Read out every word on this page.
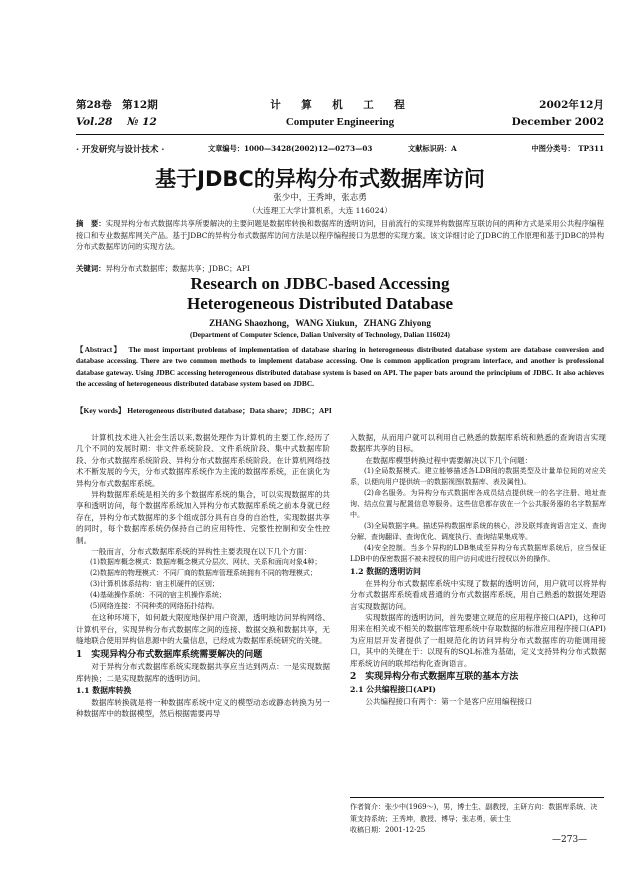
第28卷　第12期	计　算　机　工　程	2002年12月
Vol.28 № 12	Computer Engineering	December 2002
· 开发研究与设计技术 ·	文章编号：1000—3428(2002)12—0273—03	文献标识码：A	中图分类号：　TP311
基于JDBC的异构分布式数据库访问
张少中，王秀坤，张志勇
（大连理工大学计算机系，大连 116024）
摘　要：实现异构分布式数据库共享所要解决的主要问题是数据库转换和数据库的透明访问，目前流行的实现异构数据库互联访问的两种方式是采用公共程序编程接口和专业数据库网关产品。基于JDBC的异构分布式数据库访问方法是以程序编程接口为思想的实现方案。该文详细讨论了JDBC的工作原理和基于JDBC的异构分布式数据库访问的实现方法。
关键词：异构分布式数据库；数据共享；JDBC；API
Research on JDBC-based Accessing
Heterogeneous Distributed Database
ZHANG Shaozhong，WANG Xiukun，ZHANG Zhiyong
(Department of Computer Science, Dalian University of Technology, Dalian 116024)
【Abstract】 The most important problems of implementation of database sharing in heterogeneous distributed database system are database conversion and database accessing. There are two common methods to implement database accessing. One is common application program interface, and another is professional database gateway. Using JDBC accessing heterogeneous distributed database system is based on API. The paper bats around the principium of JDBC. It also achieves the accessing of heterogeneous distributed database system based on JDBC.
【Key words】 Heterogeneous distributed database；Data share；JDBC；API

计算机技术进入社会生活以来,数据处理作为计算机的主要工作,经历了几个不同的发展时期：非文件系统阶段、文件系统阶段、集中式数据库阶段、分布式数据库系统阶段、异构分布式数据库系统阶段。在计算机网络技术不断发展的今天，分布式数据库系统作为主流的数据库系统，正在演化为异构分布式数据库系统。

异构数据库系统是相关的多个数据库系统的集合，可以实现数据库的共享和透明访问，每个数据库系统加入异构分布式数据库系统之前本身就已经存在，异构分布式数据库的多个组成部分具有自身的自治性，实现数据共享的同时，每个数据库系统仍保持自己的应用特性、完整性控制和安全性控制。

一般而言，分布式数据库系统的异构性主要表现在以下几个方面：

(1)数据库概念模式：数据库概念模式分层次、网状、关系和面向对象4种；

(2)数据库的物理模式：不同厂商的数据库管理系统拥有不同的物理模式；

(3)计算机体系结构：宿主机硬件的区别；

(4)基础操作系统：不同的宿主机操作系统；

(5)网络连接：不同种类的网络拓扑结构。

在这种环境下，如何最大限度地保护用户资源，透明地访问异构网络、计算机平台，实现异构分布式数据库之间的连接、数据交换和数据共享，无缝地联合使用异构信息源中的大量信息，已经成为数据库系统研究的关键。

1　实现异构分布式数据库系统需要解决的问题

对于异构分布式数据库系统实现数据共享应当达到两点：一是实现数据库转换；二是实现数据库的透明访问。

1.1 数据库转换

数据库转换就是将一种数据库系统中定义的模型动态或静态转换为另一种数据库中的数据模型，然后根据需要再导

入数据，从而用户就可以利用自己熟悉的数据库系统和熟悉的查询语言实现数据库共享的目标。

在数据库模型转换过程中需要解决以下几个问题：

(1)全局数据模式。建立能够描述各LDB间的数据类型及计量单位间的对应关系，以便向用户提供统一的数据视图(数据库、表及属性)。

(2)命名服务。为异构分布式数据库各成员结点提供统一的名字注册、地址查询、结点位置与配置信息等服务。这些信息都存放在一个公共服务器的名字数据库中。

(3)全局数据字典。描述异构数据库系统的核心，涉及联邦查询语言定义、查询分解、查询翻译、查询优化、调度执行、查询结果集成等。

(4)安全控制。当多个异构的LDB集成至异构分布式数据库系统后，应当保证LDB中的保密数据不被未授权的用户访问或进行授权以外的操作。

1.2 数据的透明访问

在异构分布式数据库系统中实现了数据的透明访问，用户就可以将异构分布式数据库系统看成普通的分布式数据库系统，用自己熟悉的数据处理语言实现数据访问。

实现数据库的透明访问，首先要建立规范的应用程序接口(API)，这种可用来在相关或不相关的数据库管理系统中存取数据的标准应用程序接口(API)为应用层开发者提供了一组规范化的访问异构分布式数据库的功能调用接口，其中的关键在于：以现有的SQL标准为基础，定义支持异构分布式数据库系统访问的联邦结构化查询语言。

2　实现异构分布式数据库互联的基本方法
2.1 公共编程接口(API)

公共编程接口有两个：第一个是客户应用编程接口

作者简介：张少中(1969～)，男，博士生、副教授，主研方向：数据库系统、决策支持系统；王秀坤，教授、博导；张志勇，硕士生
收稿日期：2001-12-25
—273—
